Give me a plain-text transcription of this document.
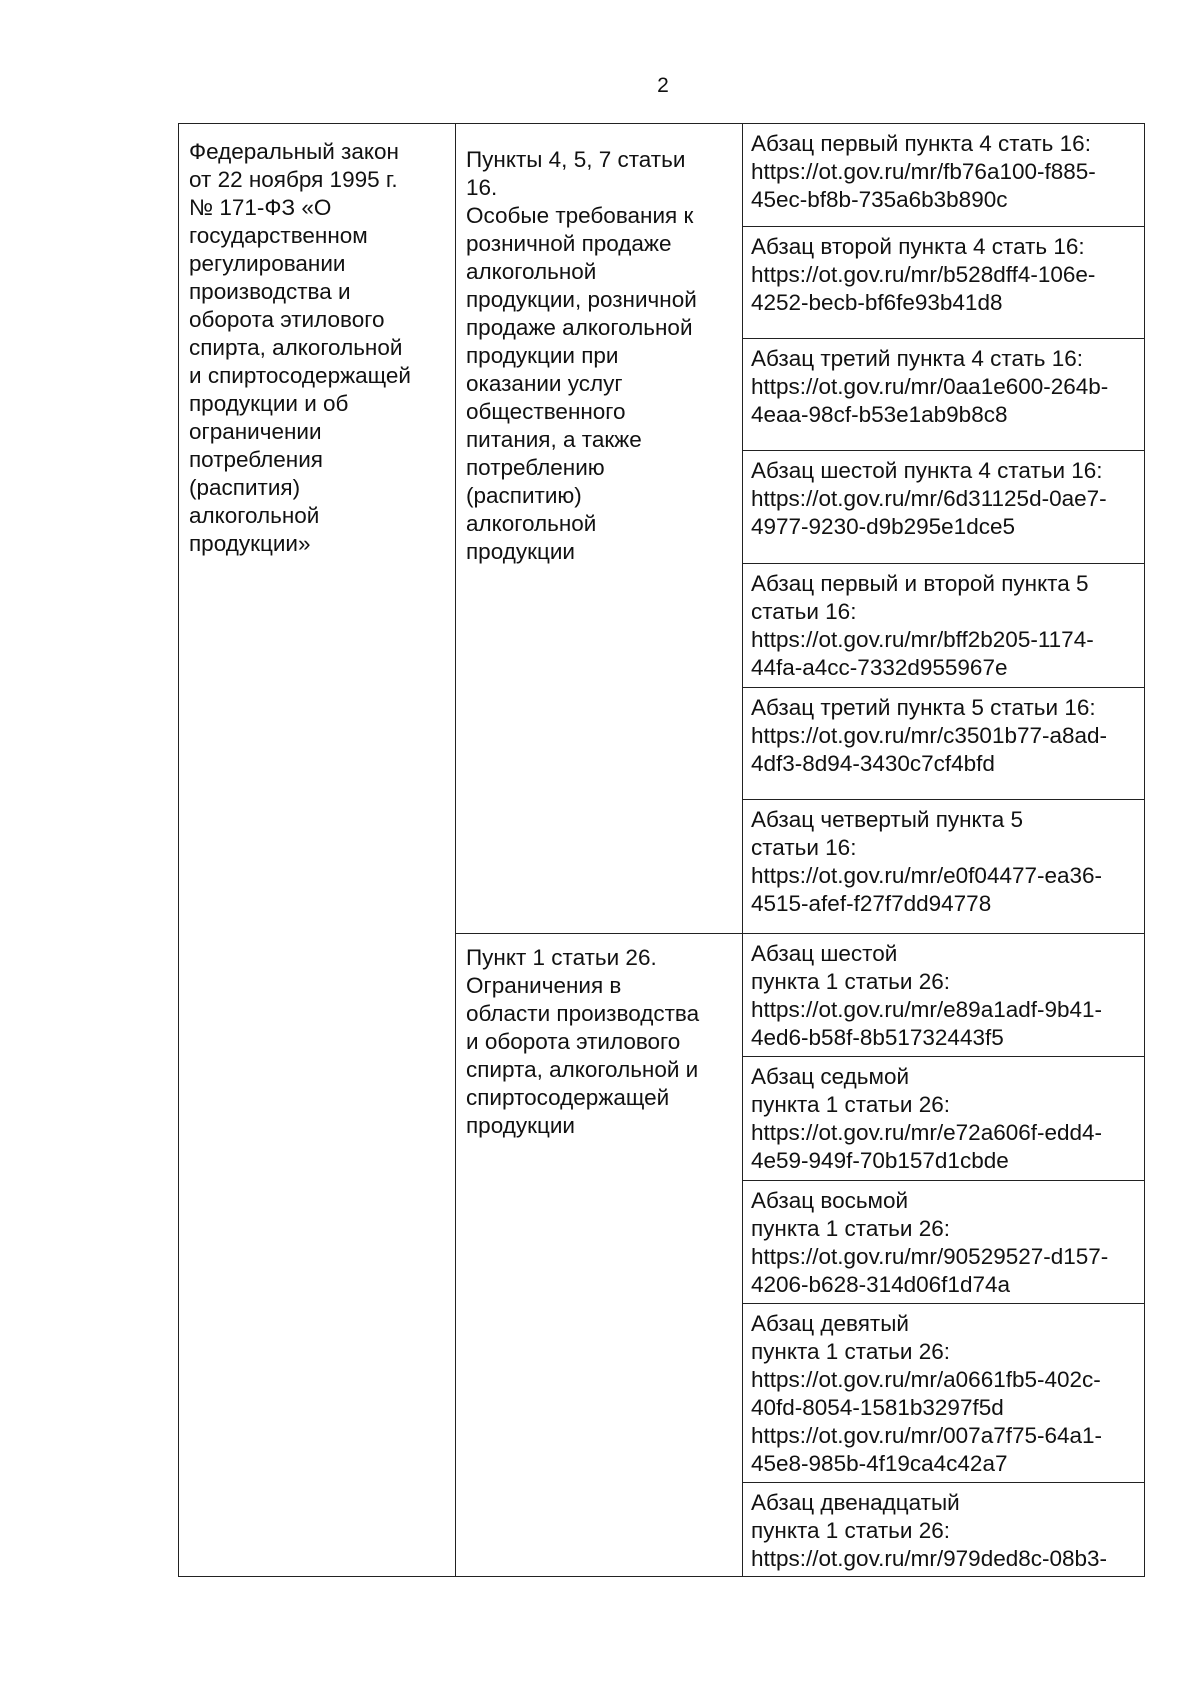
2
Федеральный закон
от 22 ноября 1995 г.
№ 171-ФЗ «О
государственном
регулировании
производства и
оборота этилового
спирта, алкогольной
и спиртосодержащей
продукции и об
ограничении
потребления
(распития)
алкогольной
продукции»
Пункты 4, 5, 7 статьи
16.
Особые требования к
розничной продаже
алкогольной
продукции, розничной
продаже алкогольной
продукции при
оказании услуг
общественного
питания, а также
потреблению
(распитию)
алкогольной
продукции
Пункт 1 статьи 26.
Ограничения в
области производства
и оборота этилового
спирта, алкогольной и
спиртосодержащей
продукции
Абзац первый пункта 4 стать 16:
https://ot.gov.ru/mr/fb76a100-f885-
45ec-bf8b-735a6b3b890c
Абзац второй пункта 4 стать 16:
https://ot.gov.ru/mr/b528dff4-106e-
4252-becb-bf6fe93b41d8
Абзац третий пункта 4 стать 16:
https://ot.gov.ru/mr/0aa1e600-264b-
4eaa-98cf-b53e1ab9b8c8
Абзац шестой пункта 4 статьи 16:
https://ot.gov.ru/mr/6d31125d-0ae7-
4977-9230-d9b295e1dce5
Абзац первый и второй пункта 5
статьи 16:
https://ot.gov.ru/mr/bff2b205-1174-
44fa-a4cc-7332d955967e
Абзац третий пункта 5 статьи 16:
https://ot.gov.ru/mr/c3501b77-a8ad-
4df3-8d94-3430c7cf4bfd
Абзац четвертый пункта 5
статьи 16:
https://ot.gov.ru/mr/e0f04477-ea36-
4515-afef-f27f7dd94778
Абзац шестой
пункта 1 статьи 26:
https://ot.gov.ru/mr/e89a1adf-9b41-
4ed6-b58f-8b51732443f5
Абзац седьмой
пункта 1 статьи 26:
https://ot.gov.ru/mr/e72a606f-edd4-
4e59-949f-70b157d1cbde
Абзац восьмой
пункта 1 статьи 26:
https://ot.gov.ru/mr/90529527-d157-
4206-b628-314d06f1d74a
Абзац девятый
пункта 1 статьи 26:
https://ot.gov.ru/mr/a0661fb5-402c-
40fd-8054-1581b3297f5d
https://ot.gov.ru/mr/007a7f75-64a1-
45e8-985b-4f19ca4c42a7
Абзац двенадцатый
пункта 1 статьи 26:
https://ot.gov.ru/mr/979ded8c-08b3-
